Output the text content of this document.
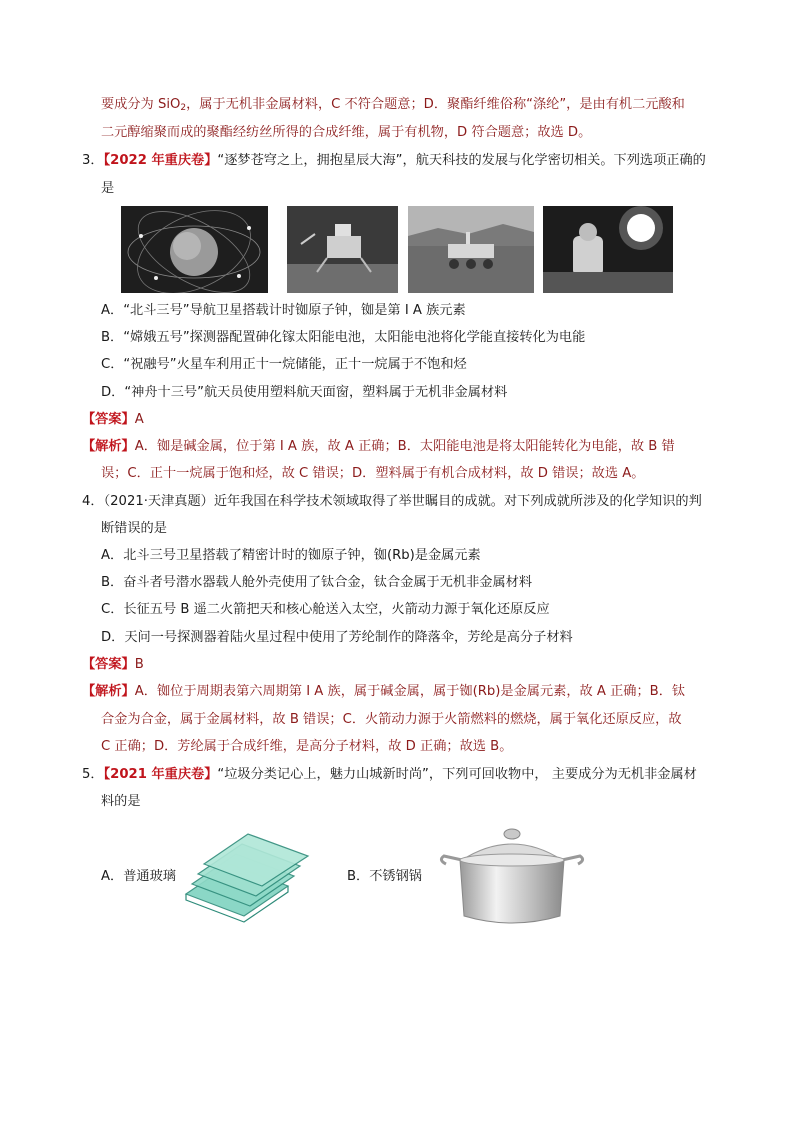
要成分为 SiO$_2$，属于无机非金属材料，C 不符合题意；D．聚酯纤维俗称“涤纶”，是由有机二元酸和
二元醇缩聚而成的聚酯经纺丝所得的合成纤维，属于有机物，D 符合题意；故选 D。
3．【2022 年重庆卷】“逐梦苍穹之上，拥抱星辰大海”，航天科技的发展与化学密切相关。下列选项正确的
是
A．“北斗三号”导航卫星搭载计时铷原子钟，铷是第 I A 族元素
B．“嫦娥五号”探测器配置砷化镓太阳能电池，太阳能电池将化学能直接转化为电能
C．“祝融号”火星车利用正十一烷储能，正十一烷属于不饱和烃
D．“神舟十三号”航天员使用塑料航天面窗，塑料属于无机非金属材料
【答案】A
【解析】A．铷是碱金属，位于第 I A 族，故 A 正确；B．太阳能电池是将太阳能转化为电能，故 B 错
误；C．正十一烷属于饱和烃，故 C 错误；D．塑料属于有机合成材料，故 D 错误；故选 A。
4．（2021·天津真题）近年我国在科学技术领域取得了举世瞩目的成就。对下列成就所涉及的化学知识的判
断错误的是
A．北斗三号卫星搭载了精密计时的铷原子钟，铷(Rb)是金属元素
B．奋斗者号潜水器载人舱外壳使用了钛合金，钛合金属于无机非金属材料
C．长征五号 B 遥二火箭把天和核心舱送入太空，火箭动力源于氧化还原反应
D．天问一号探测器着陆火星过程中使用了芳纶制作的降落伞，芳纶是高分子材料
【答案】B
【解析】A．铷位于周期表第六周期第 I A 族，属于碱金属，属于铷(Rb)是金属元素，故 A 正确；B．钛
合金为合金，属于金属材料，故 B 错误；C．火箭动力源于火箭燃料的燃烧，属于氧化还原反应，故
C 正确；D．芳纶属于合成纤维，是高分子材料，故 D 正确；故选 B。
5．【2021 年重庆卷】“垃圾分类记心上，魅力山城新时尚”，下列可回收物中， 主要成分为无机非金属材
料的是
A．普通玻璃	B．不锈钢锅
